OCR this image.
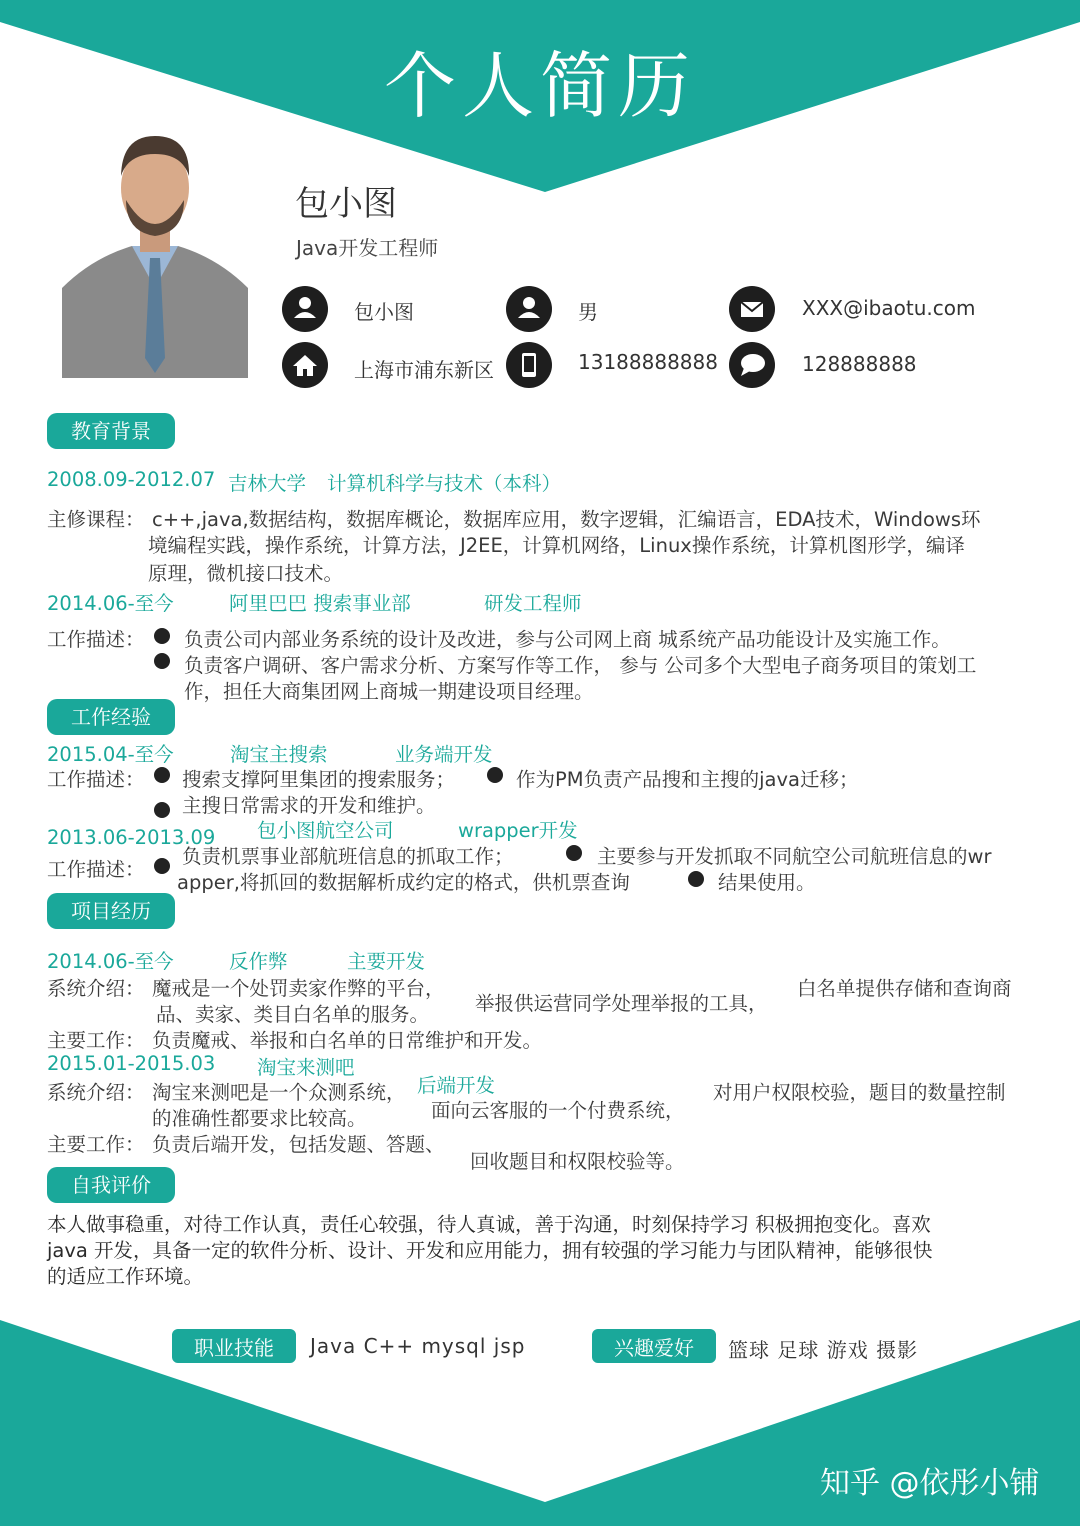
个人简历
包小图
Java开发工程师
包小图	男	XXX@ibaotu.com
上海市浦东新区	13188888888	128888888
教育背景
2008.09-2012.07 吉林大学 计算机科学与技术（本科）
主修课程： c++,java,数据结构，数据库概论，数据库应用，数字逻辑，汇编语言，EDA技术，Windows环
境编程实践，操作系统，计算方法，J2EE，计算机网络，Linux操作系统，计算机图形学，编译
原理，微机接口技术。
2014.06-至今	阿里巴巴 搜索事业部	研发工程师
工作描述： 负责公司内部业务系统的设计及改进，参与公司网上商 城系统产品功能设计及实施工作。
负责客户调研、客户需求分析、方案写作等工作， 参与 公司多个大型电子商务项目的策划工
作，担任大商集团网上商城一期建设项目经理。
工作经验
2015.04-至今	淘宝主搜索	业务端开发
工作描述： 搜索支撑阿里集团的搜索服务；	作为PM负责产品搜和主搜的java迁移；
主搜日常需求的开发和维护。
2013.06-2013.09 包小图航空公司	wrapper开发
工作描述：
负责机票事业部航班信息的抓取工作；	主要参与开发抓取不同航空公司航班信息的wr
apper,将抓回的数据解析成约定的格式，供机票查询	结果使用。
项目经历
2014.06-至今	反作弊	主要开发
系统介绍： 魔戒是一个处罚卖家作弊的平台，
举报供运营同学处理举报的工具，
白名单提供存储和查询商
品、卖家、类目白名单的服务。
主要工作： 负责魔戒、举报和白名单的日常维护和开发。
2015.01-2015.03 淘宝来测吧
后端开发
系统介绍： 淘宝来测吧是一个众测系统，
面向云客服的一个付费系统，
对用户权限校验，题目的数量控制
的准确性都要求比较高。
主要工作： 负责后端开发，包括发题、答题、
回收题目和权限校验等。
自我评价
本人做事稳重，对待工作认真，责任心较强，待人真诚，善于沟通，时刻保持学习 积极拥抱变化。喜欢
java 开发，具备一定的软件分析、设计、开发和应用能力，拥有较强的学习能力与团队精神，能够很快
的适应工作环境。
职业技能	Java C++ mysql jsp	兴趣爱好	篮球 足球 游戏 摄影
知乎 @依彤小铺
